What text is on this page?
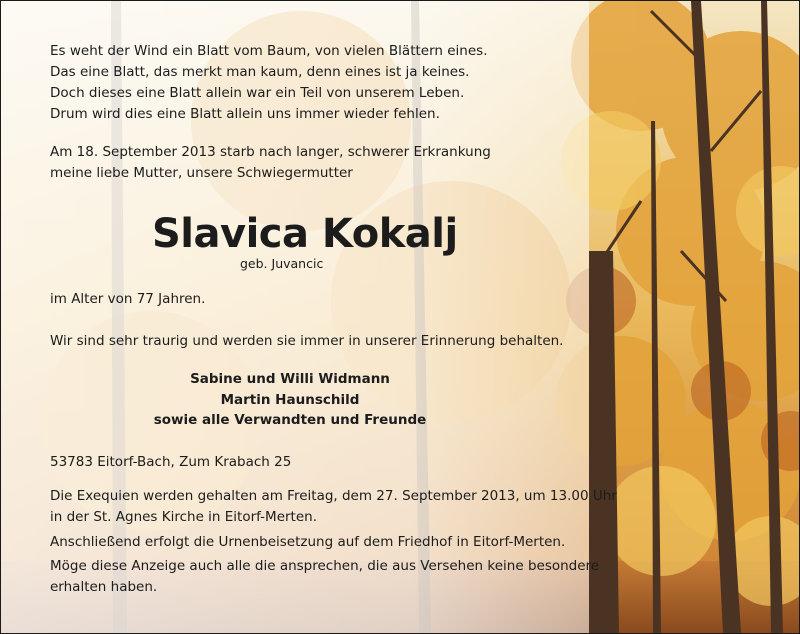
Es weht der Wind ein Blatt vom Baum, von vielen Blättern eines.
Das eine Blatt, das merkt man kaum, denn eines ist ja keines.
Doch dieses eine Blatt allein war ein Teil von unserem Leben.
Drum wird dies eine Blatt allein uns immer wieder fehlen.
Am 18. September 2013 starb nach langer, schwerer Erkrankung
meine liebe Mutter, unsere Schwiegermutter
Slavica Kokalj
geb. Juvancic
im Alter von 77 Jahren.
Wir sind sehr traurig und werden sie immer in unserer Erinnerung behalten.
Sabine und Willi Widmann
Martin Haunschild
sowie alle Verwandten und Freunde
53783 Eitorf-Bach, Zum Krabach 25
Die Exequien werden gehalten am Freitag, dem 27. September 2013, um 13.00 Uhr
in der St. Agnes Kirche in Eitorf-Merten.
Anschließend erfolgt die Urnenbeisetzung auf dem Friedhof in Eitorf-Merten.
Möge diese Anzeige auch alle die ansprechen, die aus Versehen keine besondere
erhalten haben.
